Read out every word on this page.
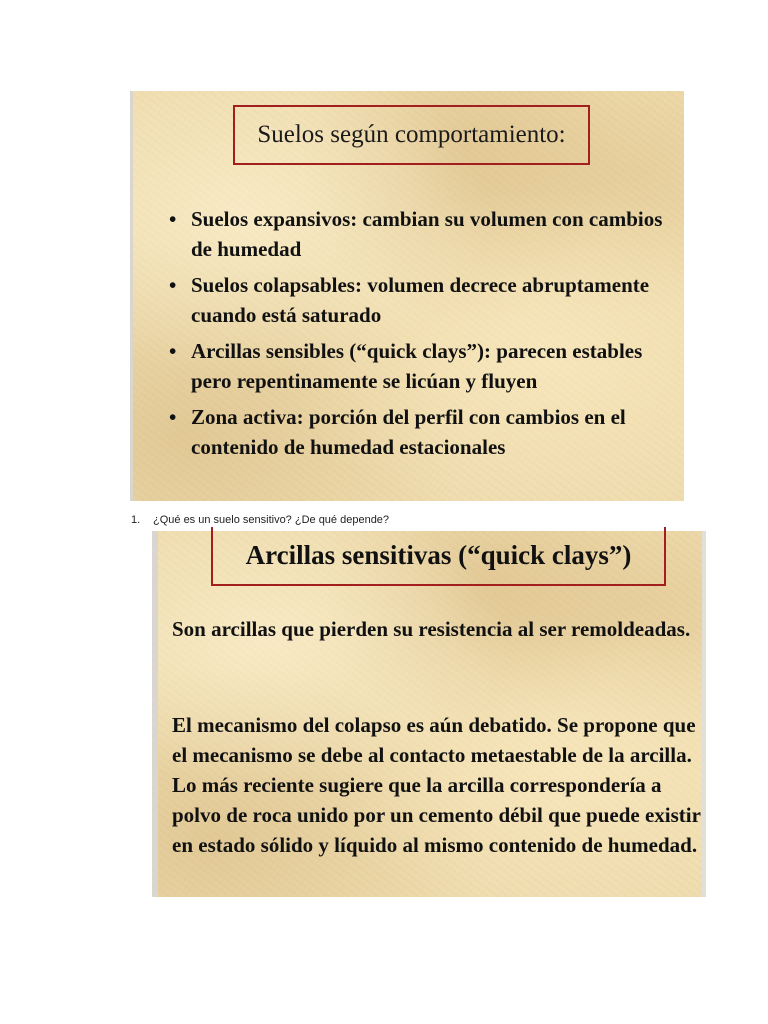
Suelos según comportamiento:
• Suelos expansivos: cambian su volumen con cambios de humedad
• Suelos colapsables: volumen decrece abruptamente cuando está saturado
• Arcillas sensibles (“quick clays”): parecen estables pero repentinamente se licúan y fluyen
• Zona activa: porción del perfil con cambios en el contenido de humedad estacionales
1. ¿Qué es un suelo sensitivo? ¿De qué depende?
Arcillas sensitivas (“quick clays”)

Son arcillas que pierden su resistencia al ser remoldeadas.

El mecanismo del colapso es aún debatido. Se propone que el mecanismo se debe al contacto metaestable de la arcilla. Lo más reciente sugiere que la arcilla correspondería a polvo de roca unido por un cemento débil que puede existir en estado sólido y líquido al mismo contenido de humedad.
